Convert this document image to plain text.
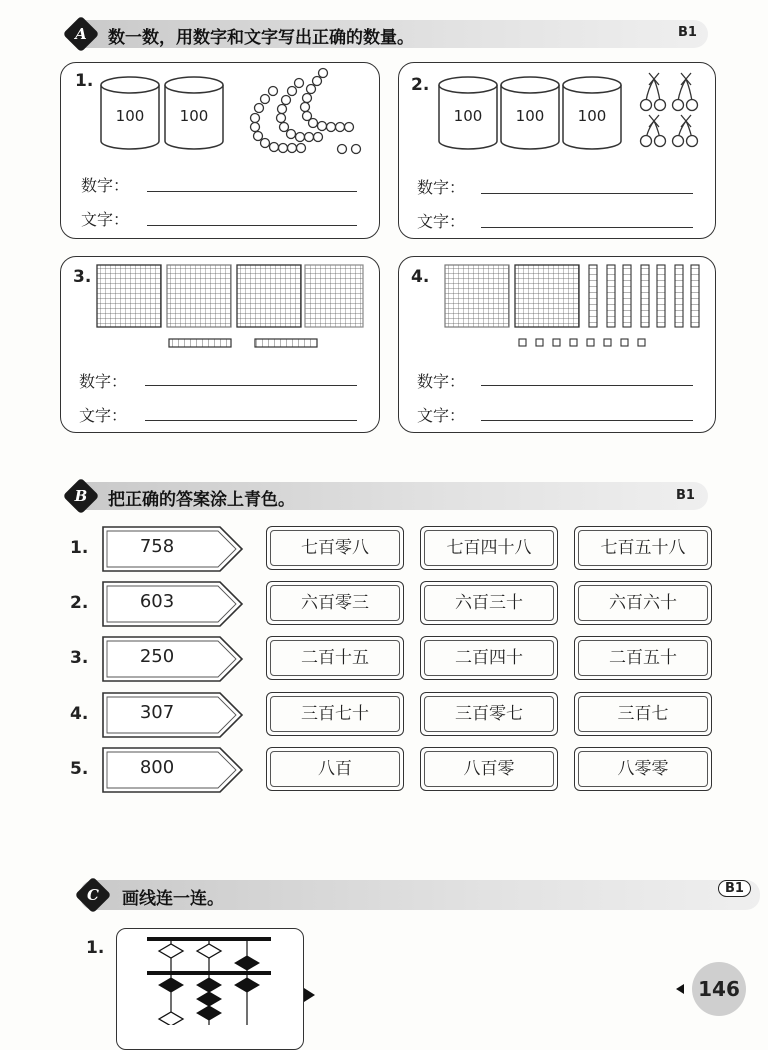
A	数一数，用数字和文字写出正确的数量。	B1
1.
100	100
数字：
文字：
2.
100	100	100
数字：
文字：
3.
数字：
文字：
4.
数字：
文字：
B	把正确的答案涂上青色。	B1
1.	758	七百零八	七百四十八	七百五十八
2.	603	六百零三	六百三十	六百六十
3.	250	二百十五	二百四十	二百五十
4.	307	三百七十	三百零七	三百七
5.	800	八百	八百零	八零零
C	画线连一连。
B1
1.
146
